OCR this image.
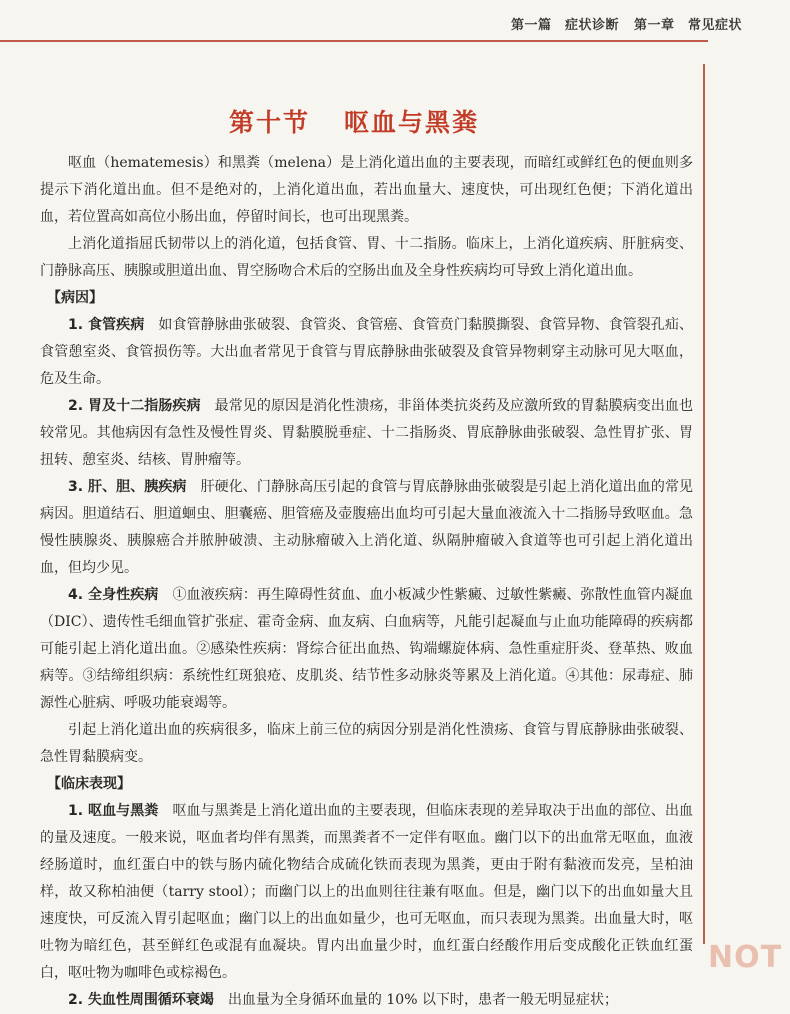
第一篇　症状诊断 第一章　常见症状
第十节 呕血与黑粪

呕血（hematemesis）和黑粪（melena）是上消化道出血的主要表现，而暗红或鲜红色的便血则多提示下消化道出血。但不是绝对的，上消化道出血，若出血量大、速度快，可出现红色便；下消化道出血，若位置高如高位小肠出血，停留时间长，也可出现黑粪。

上消化道指屈氏韧带以上的消化道，包括食管、胃、十二指肠。临床上，上消化道疾病、肝脏病变、门静脉高压、胰腺或胆道出血、胃空肠吻合术后的空肠出血及全身性疾病均可导致上消化道出血。

【病因】

1. 食管疾病　 如食管静脉曲张破裂、食管炎、食管癌、食管贲门黏膜撕裂、食管异物、食管裂孔疝、食管憩室炎、食管损伤等。大出血者常见于食管与胃底静脉曲张破裂及食管异物刺穿主动脉可见大呕血，危及生命。

2. 胃及十二指肠疾病　 最常见的原因是消化性溃疡，非甾体类抗炎药及应激所致的胃黏膜病变出血也较常见。其他病因有急性及慢性胃炎、胃黏膜脱垂症、十二指肠炎、胃底静脉曲张破裂、急性胃扩张、胃扭转、憩室炎、结核、胃肿瘤等。

3. 肝、胆、胰疾病　 肝硬化、门静脉高压引起的食管与胃底静脉曲张破裂是引起上消化道出血的常见病因。胆道结石、胆道蛔虫、胆囊癌、胆管癌及壶腹癌出血均可引起大量血液流入十二指肠导致呕血。急慢性胰腺炎、胰腺癌合并脓肿破溃、主动脉瘤破入上消化道、纵隔肿瘤破入食道等也可引起上消化道出血，但均少见。

4. 全身性疾病　 ①血液疾病：再生障碍性贫血、血小板减少性紫癜、过敏性紫癜、弥散性血管内凝血（DIC）、遗传性毛细血管扩张症、霍奇金病、血友病、白血病等，凡能引起凝血与止血功能障碍的疾病都可能引起上消化道出血。②感染性疾病：肾综合征出血热、钩端螺旋体病、急性重症肝炎、登革热、败血病等。③结缔组织病：系统性红斑狼疮、皮肌炎、结节性多动脉炎等累及上消化道。④其他：尿毒症、肺源性心脏病、呼吸功能衰竭等。

引起上消化道出血的疾病很多，临床上前三位的病因分别是消化性溃疡、食管与胃底静脉曲张破裂、急性胃黏膜病变。

【临床表现】

1. 呕血与黑粪　 呕血与黑粪是上消化道出血的主要表现，但临床表现的差异取决于出血的部位、出血的量及速度。一般来说，呕血者均伴有黑粪，而黑粪者不一定伴有呕血。幽门以下的出血常无呕血，血液经肠道时，血红蛋白中的铁与肠内硫化物结合成硫化铁而表现为黑粪，更由于附有黏液而发亮，呈柏油样，故又称柏油便（tarry stool）；而幽门以上的出血则往往兼有呕血。但是，幽门以下的出血如量大且速度快，可反流入胃引起呕血；幽门以上的出血如量少，也可无呕血，而只表现为黑粪。出血量大时，呕吐物为暗红色，甚至鲜红色或混有血凝块。胃内出血量少时，血红蛋白经酸作用后变成酸化正铁血红蛋白，呕吐物为咖啡色或棕褐色。

2. 失血性周围循环衰竭　 出血量为全身循环血量的 10% 以下时，患者一般无明显症状；

NOT
